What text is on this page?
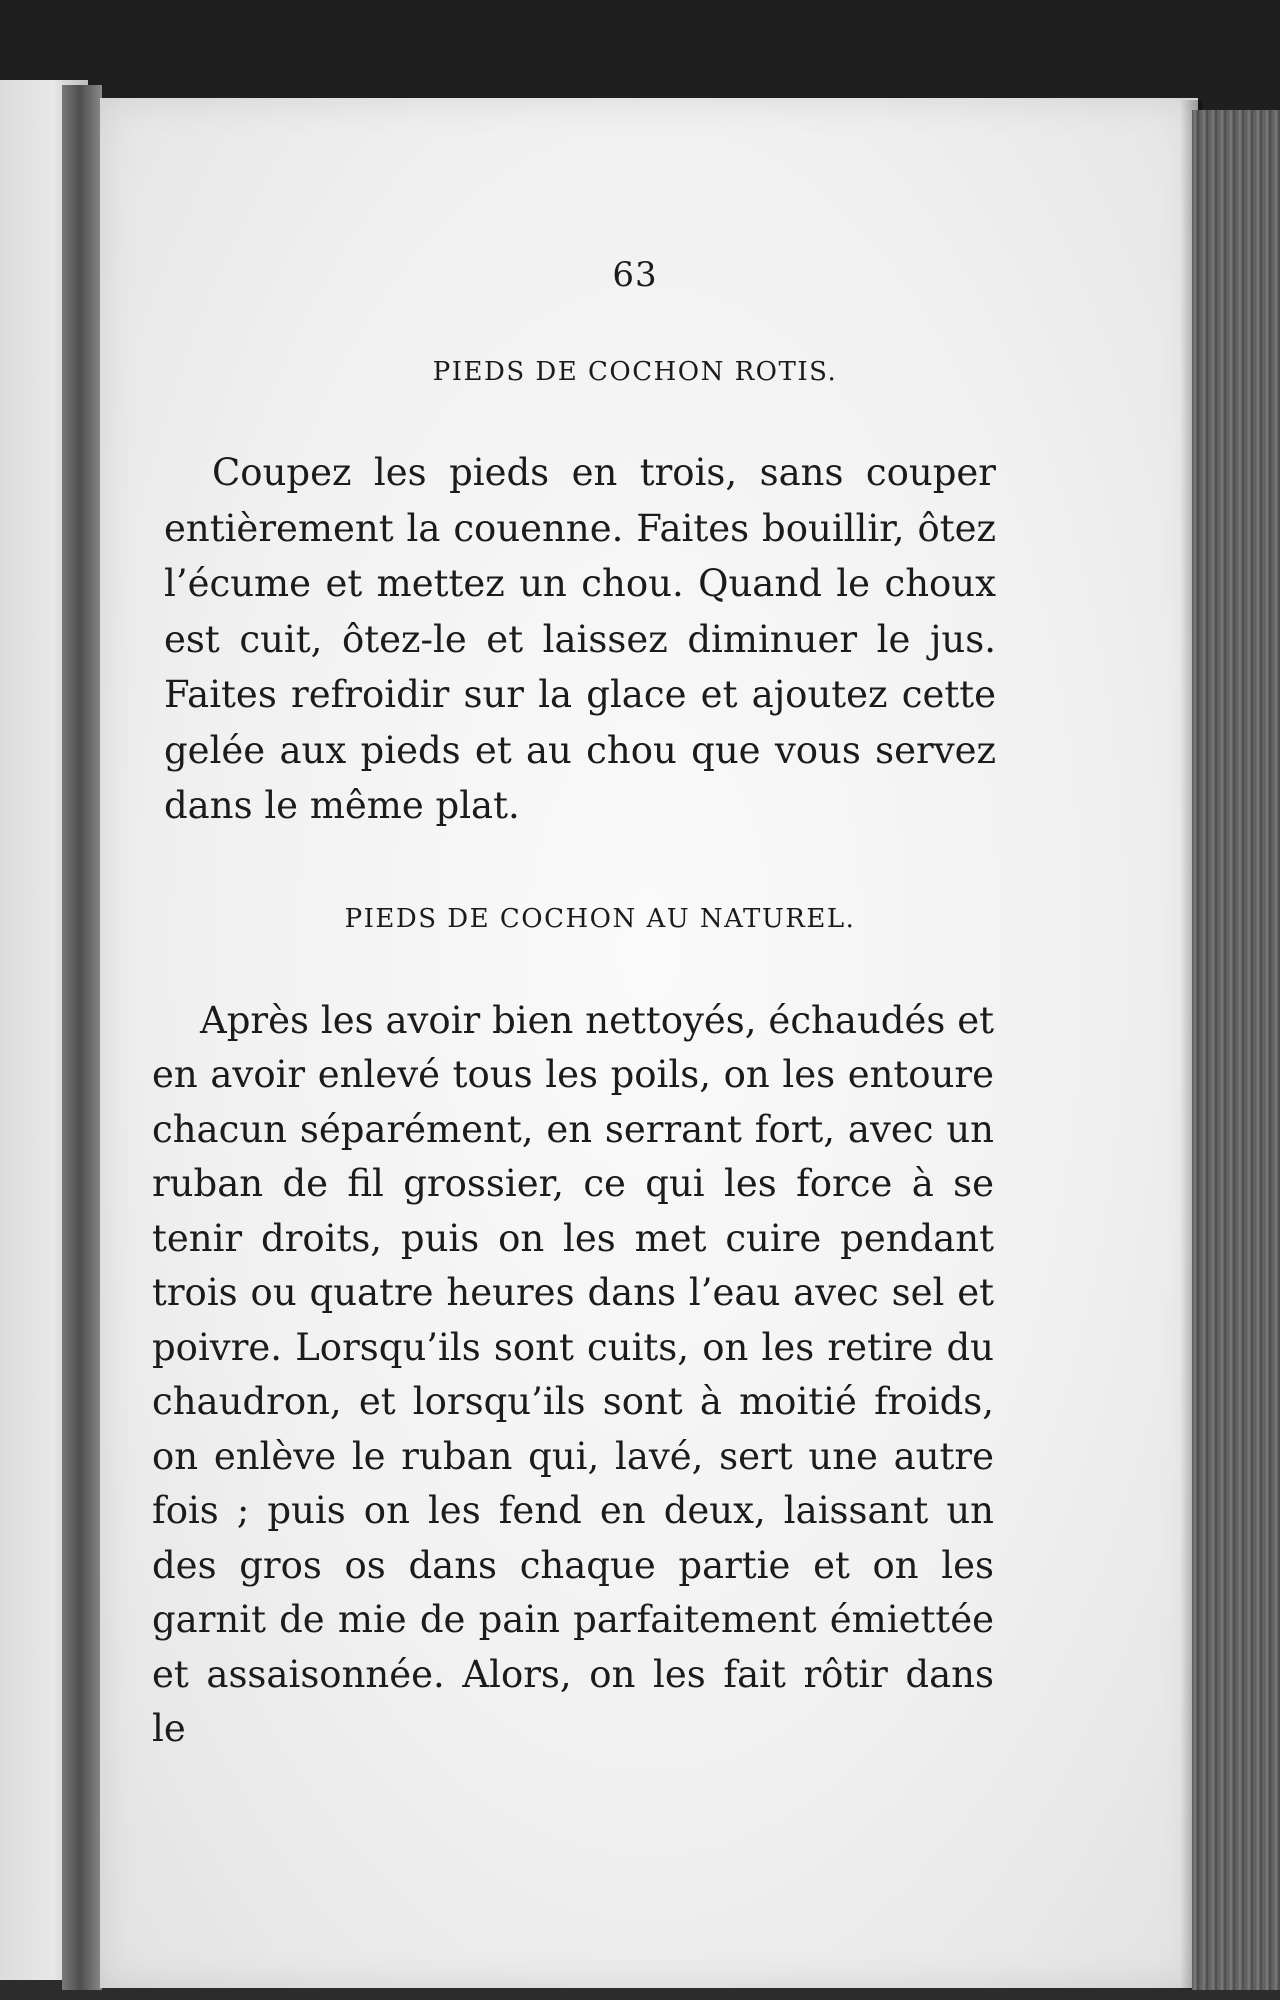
63
PIEDS DE COCHON ROTIS.

Coupez les pieds en trois, sans couper entièrement la couenne. Faites bouillir, ôtez l’écume et mettez un chou. Quand le choux est cuit, ôtez-le et laissez diminuer le jus. Faites refroidir sur la glace et ajoutez cette gelée aux pieds et au chou que vous servez dans le même plat.

PIEDS DE COCHON AU NATUREL.

Après les avoir bien nettoyés, échaudés et en avoir enlevé tous les poils, on les entoure chacun séparément, en serrant fort, avec un ruban de fil grossier, ce qui les force à se tenir droits, puis on les met cuire pendant trois ou quatre heures dans l’eau avec sel et poivre. Lorsqu’ils sont cuits, on les retire du chaudron, et lorsqu’ils sont à moitié froids, on enlève le ruban qui, lavé, sert une autre fois ; puis on les fend en deux, laissant un des gros os dans chaque partie et on les garnit de mie de pain parfaitement émiettée et assaisonnée. Alors, on les fait rôtir dans le
